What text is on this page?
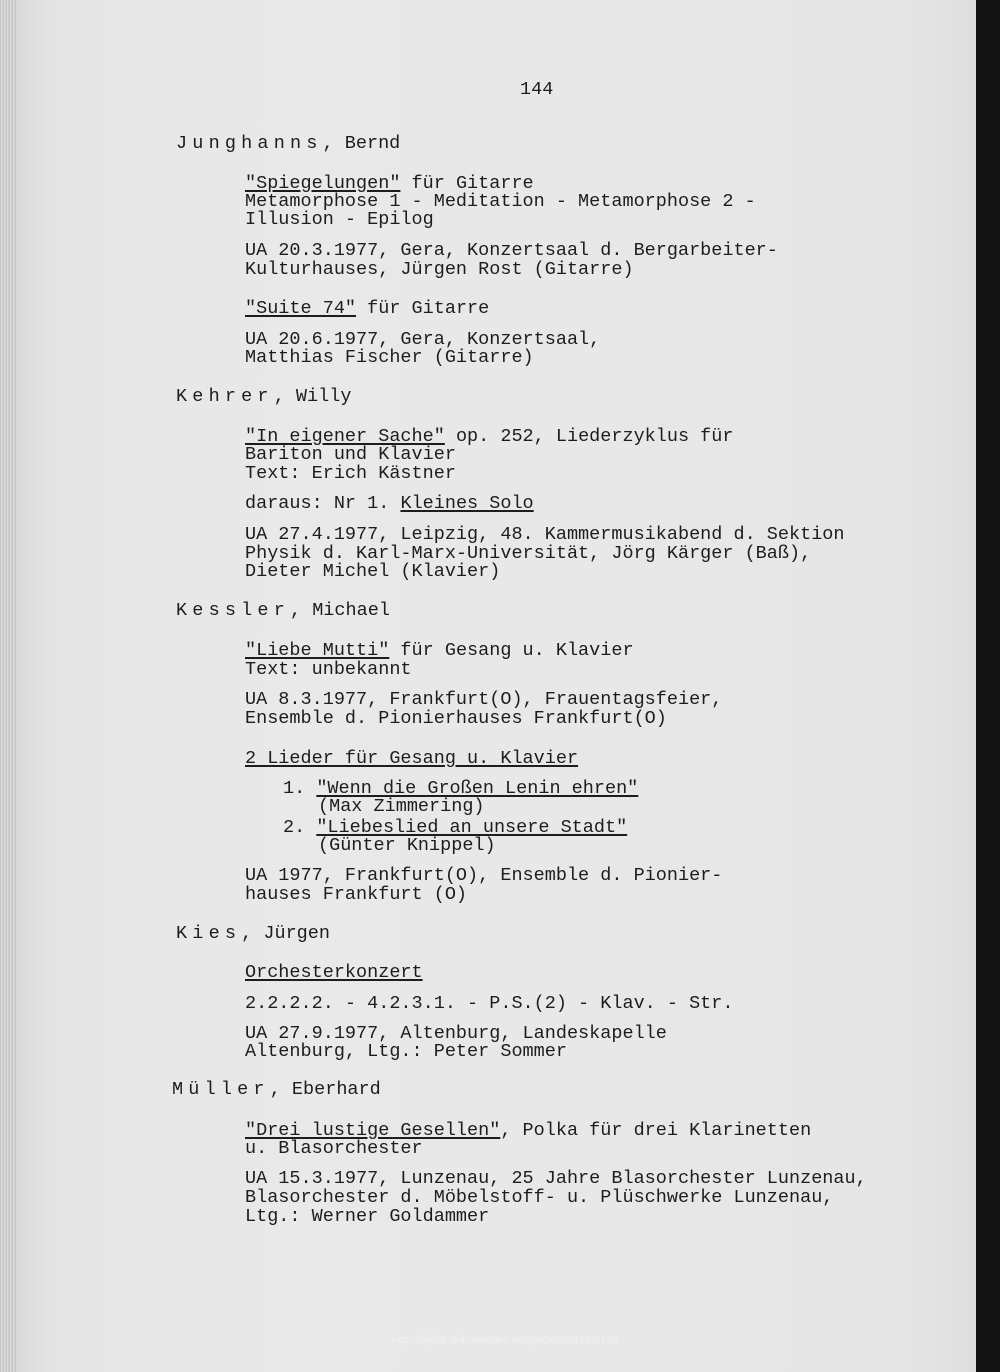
144
Junghanns, Bernd
"Spiegelungen" für Gitarre
Metamorphose 1 - Meditation - Metamorphose 2 -
Illusion - Epilog
UA 20.3.1977, Gera, Konzertsaal d. Bergarbeiter-
Kulturhauses, Jürgen Rost (Gitarre)
"Suite 74" für Gitarre
UA 20.6.1977, Gera, Konzertsaal,
Matthias Fischer (Gitarre)
Kehrer, Willy
"In eigener Sache" op. 252, Liederzyklus für
Bariton und Klavier
Text: Erich Kästner
daraus: Nr 1. Kleines Solo
UA 27.4.1977, Leipzig, 48. Kammermusikabend d. Sektion
Physik d. Karl-Marx-Universität, Jörg Kärger (Baß),
Dieter Michel (Klavier)
Kessler, Michael
"Liebe Mutti" für Gesang u. Klavier
Text: unbekannt
UA 8.3.1977, Frankfurt(O), Frauentagsfeier,
Ensemble d. Pionierhauses Frankfurt(O)
2 Lieder für Gesang u. Klavier
1. "Wenn die Großen Lenin ehren"
(Max Zimmering)
2. "Liebeslied an unsere Stadt"
(Günter Knippel)
UA 1977, Frankfurt(O), Ensemble d. Pionier-
hauses Frankfurt (O)
Kies, Jürgen
Orchesterkonzert
2.2.2.2. - 4.2.3.1. - P.S.(2) - Klav. - Str.
UA 27.9.1977, Altenburg, Landeskapelle
Altenburg, Ltg.: Peter Sommer
Müller, Eberhard
"Drei lustige Gesellen", Polka für drei Klarinetten
u. Blasorchester
UA 15.3.1977, Lunzenau, 25 Jahre Blasorchester Lunzenau,
Blasorchester d. Möbelstoff- u. Plüschwerke Lunzenau,
Ltg.: Werner Goldammer
http://digital.slub-dresden.de/ppn30580165Z/154
